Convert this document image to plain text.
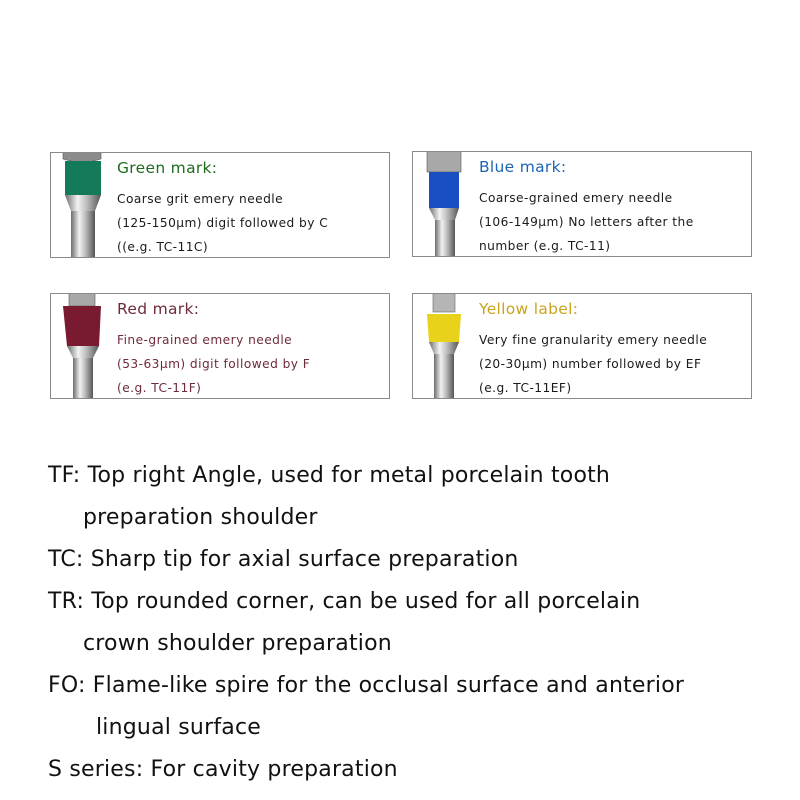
Green mark:
Coarse grit emery needle
(125-150μm) digit followed by C
((e.g. TC-11C)
Blue mark:
Coarse-grained emery needle
(106-149μm) No letters after the
number (e.g. TC-11)
Red mark:
Fine-grained emery needle
(53-63μm) digit followed by F
(e.g. TC-11F)
Yellow label:
Very fine granularity emery needle
(20-30μm) number followed by EF
(e.g. TC-11EF)
TF: Top right Angle, used for metal porcelain tooth
preparation shoulder
TC: Sharp tip for axial surface preparation
TR: Top rounded corner, can be used for all porcelain
crown shoulder preparation
FO: Flame-like spire for the occlusal surface and anterior
lingual surface
S series: For cavity preparation
